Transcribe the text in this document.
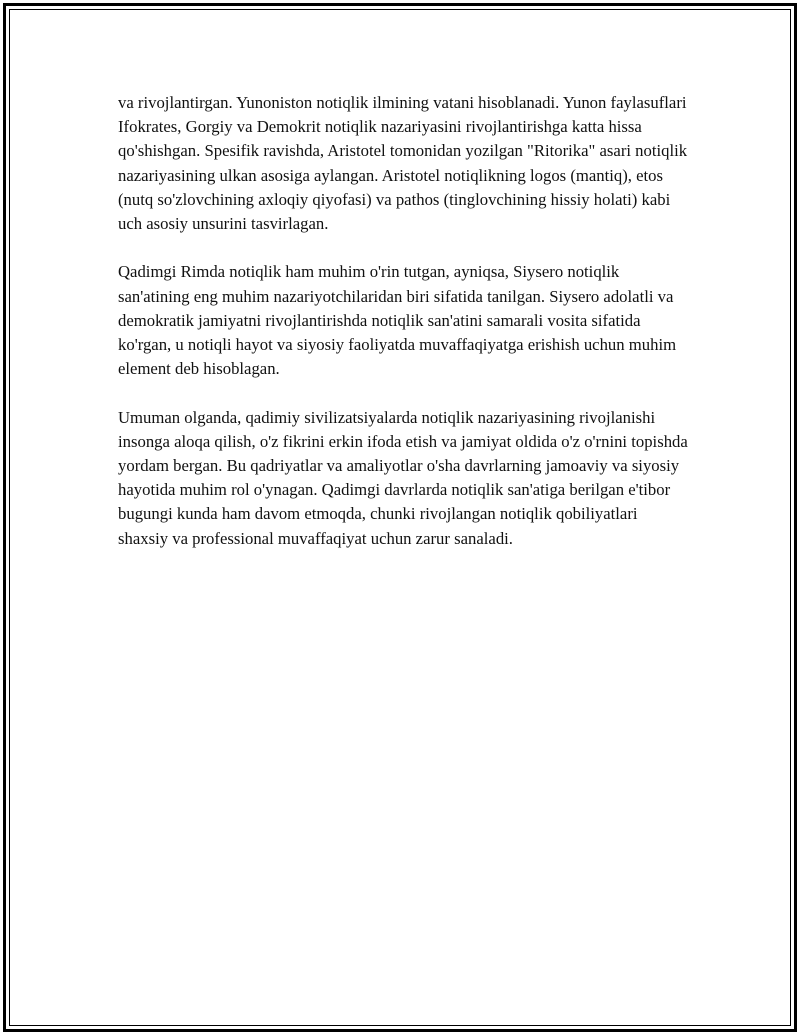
va rivojlantirgan. Yunoniston notiqlik ilmining vatani hisoblanadi. Yunon faylasuflari Ifokrates, Gorgiy va Demokrit notiqlik nazariyasini rivojlantirishga katta hissa qo'shishgan. Spesifik ravishda, Aristotel tomonidan yozilgan "Ritorika" asari notiqlik nazariyasining ulkan asosiga aylangan. Aristotel notiqlikning logos (mantiq), etos (nutq so'zlovchining axloqiy qiyofasi) va pathos (tinglovchining hissiy holati) kabi uch asosiy unsurini tasvirlagan.

Qadimgi Rimda notiqlik ham muhim o'rin tutgan, ayniqsa, Siysero notiqlik san'atining eng muhim nazariyotchilaridan biri sifatida tanilgan. Siysero adolatli va demokratik jamiyatni rivojlantirishda notiqlik san'atini samarali vosita sifatida ko'rgan, u notiqli hayot va siyosiy faoliyatda muvaffaqiyatga erishish uchun muhim element deb hisoblagan.

Umuman olganda, qadimiy sivilizatsiyalarda notiqlik nazariyasining rivojlanishi insonga aloqa qilish, o'z fikrini erkin ifoda etish va jamiyat oldida o'z o'rnini topishda yordam bergan. Bu qadriyatlar va amaliyotlar o'sha davrlarning jamoaviy va siyosiy hayotida muhim rol o'ynagan. Qadimgi davrlarda notiqlik san'atiga berilgan e'tibor bugungi kunda ham davom etmoqda, chunki rivojlangan notiqlik qobiliyatlari shaxsiy va professional muvaffaqiyat uchun zarur sanaladi.
